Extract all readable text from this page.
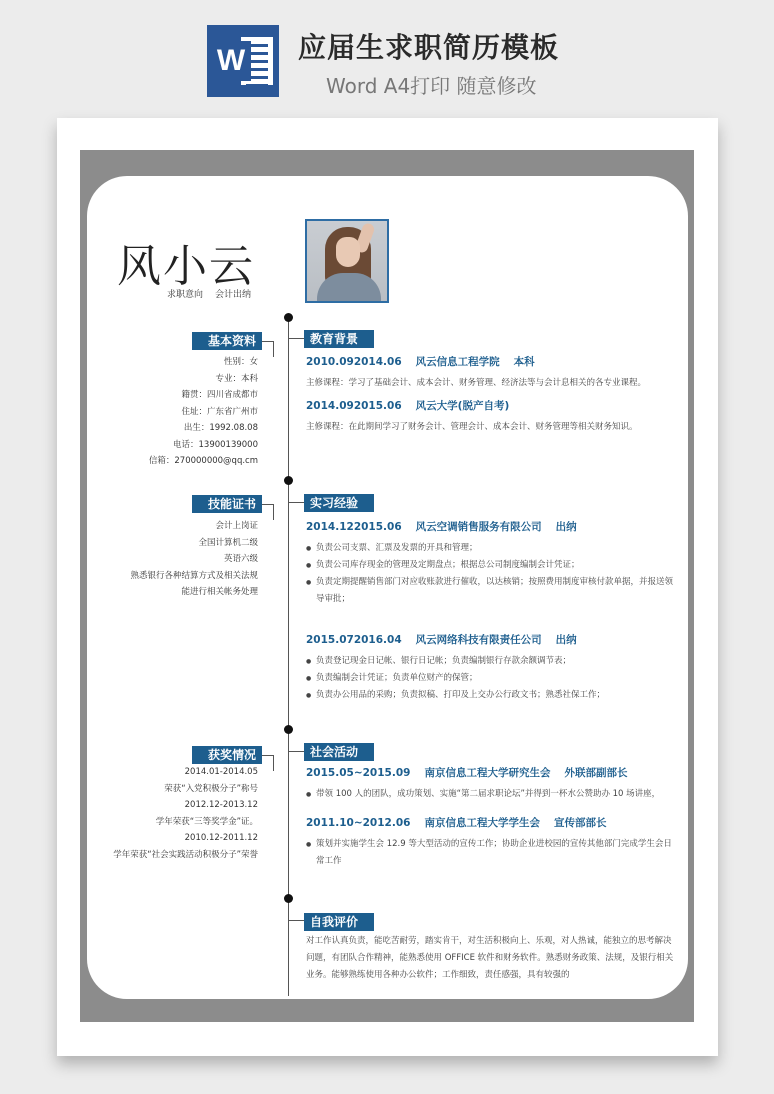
W 应届生求职简历模板
Word A4打印 随意修改
风小云
求职意向 会计出纳
教育背景
基本资料
性别：女
专业：本科
籍贯：四川省成都市
住址：广东省广州市
出生：1992.08.08
电话：13900139000
信箱：270000000@qq.cm
2010.092014.06 风云信息工程学院 本科
主修课程：学习了基础会计、成本会计、财务管理、经济法等与会计息相关的各专业课程。
2014.092015.06 风云大学(脱产自考)
主修课程：在此期间学习了财务会计、管理会计、成本会计、财务管理等相关财务知识。
实习经验
技能证书
会计上岗证
全国计算机二级
英语六级
熟悉银行各种结算方式及相关法规
能进行相关帐务处理
2014.122015.06 风云空调销售服务有限公司 出纳
● 负责公司支票、汇票及发票的开具和管理；
● 负责公司库存现金的管理及定期盘点；根据总公司制度编制会计凭证；
● 负责定期提醒销售部门对应收账款进行催收，以达核销；按照费用制度审核付款单据，并报送领导审批；
2015.072016.04 风云网络科技有限责任公司 出纳
● 负责登记现金日记帐、银行日记帐；负责编制银行存款余额调节表；
● 负责编制会计凭证；负责单位财产的保管；
● 负责办公用品的采购；负责拟稿、打印及上交办公行政文书；熟悉社保工作；
社会活动
获奖情况
2014.01-2014.05
荣获“入党积极分子”称号
2012.12-2013.12
学年荣获“三等奖学金”证。
2010.12-2011.12
学年荣获“社会实践活动积极分子”荣誉
2015.05~2015.09 南京信息工程大学研究生会 外联部副部长
● 带领 100 人的团队，成功策划、实施“第二届求职论坛”并得到一杯水公赞助办 10 场讲座，
2011.10~2012.06 南京信息工程大学学生会 宣传部部长
● 策划并实施学生会 12.9 等大型活动的宣传工作；协助企业进校园的宣传其他部门完成学生会日常工作
自我评价
对工作认真负责，能吃苦耐劳，踏实肯干，对生活积极向上、乐观，对人热诚，能独立的思考解决问题，有团队合作精神，能熟悉使用 OFFICE 软件和财务软件。熟悉财务政策、法规，及银行相关业务。能够熟练使用各种办公软件；工作细致，责任感强，具有较强的
